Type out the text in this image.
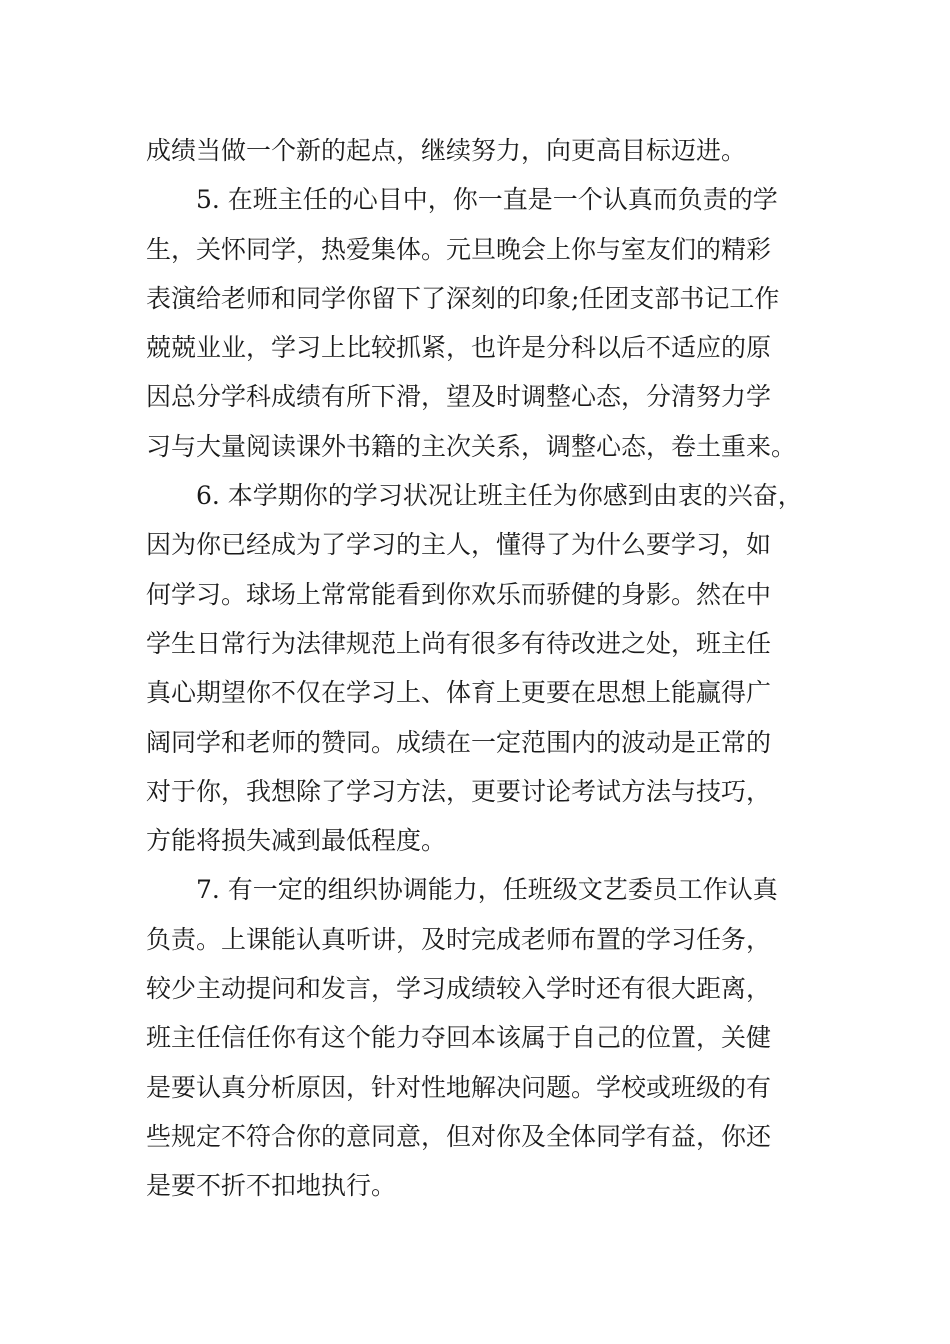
成绩当做一个新的起点，继续努力，向更高目标迈进。
5. 在班主任的心目中，你一直是一个认真而负责的学
生，关怀同学，热爱集体。元旦晚会上你与室友们的精彩
表演给老师和同学你留下了深刻的印象;任团支部书记工作
兢兢业业，学习上比较抓紧，也许是分科以后不适应的原
因总分学科成绩有所下滑，望及时调整心态，分清努力学
习与大量阅读课外书籍的主次关系，调整心态，卷土重来。
6. 本学期你的学习状况让班主任为你感到由衷的兴奋，
因为你已经成为了学习的主人，懂得了为什么要学习，如
何学习。球场上常常能看到你欢乐而骄健的身影。然在中
学生日常行为法律规范上尚有很多有待改进之处，班主任
真心期望你不仅在学习上、体育上更要在思想上能赢得广
阔同学和老师的赞同。成绩在一定范围内的波动是正常的
对于你，我想除了学习方法，更要讨论考试方法与技巧，
方能将损失减到最低程度。
7. 有一定的组织协调能力，任班级文艺委员工作认真
负责。上课能认真听讲，及时完成老师布置的学习任务，
较少主动提问和发言，学习成绩较入学时还有很大距离，
班主任信任你有这个能力夺回本该属于自己的位置，关健
是要认真分析原因，针对性地解决问题。学校或班级的有
些规定不符合你的意同意，但对你及全体同学有益，你还
是要不折不扣地执行。
